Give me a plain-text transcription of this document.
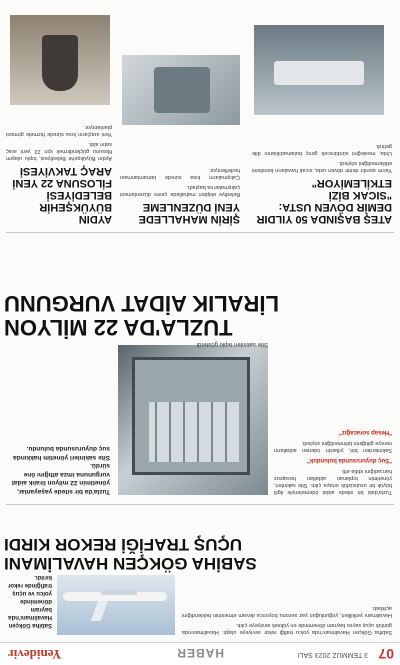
07
3 TEMMUZ 2023 SALI
HABER
Yenidevir

Sabiha Gökçen Havalimanı'nda yolcu trafiği rekor seviyeye ulaştı. Havalimanında günlük uçuş sayısı bayram döneminde en yüksek seviyeye çıktı.

Havalimanı yetkilileri, yoğunluğun yaz sezonu boyunca devam etmesinin beklendiğini açıkladı.

Sabiha Gökçen Havalimanı'nda bayram döneminde yolcu ve uçuş trafiğinde rekor kırıldı.

SABİHA GÖKÇEN HAVALİMANI

UÇUŞ TRAFİĞİ REKOR KIRDI

Tuzla'daki bir sitede aidat ödemeleriyle ilgili büyük bir usulsüzlük ortaya çıktı. Site sakinleri, yönetimin toplanan aidatları hesapsız harcadığını iddia etti.

"Suç duyurusunda bulunduk"

Sakinlerden biri, yıllardır ödenen aidatların nereye gittiğinin bilinmediğini söyledi.

"Hesap soracağız"

Site sakinleri tepki gösterdi

Tuzla'da bir sitede yaşayanlar, yönetimin 22 milyon liralık aidat vurgununa imza attığını öne sürdü.

Site sakinleri yönetim hakkında suç duyurusunda bulundu.

TUZLA'DA 22 MİLYON

LİRALIK AİDAT VURGUNU

ATEŞ BAŞINDA 50 YILDIR DEMİR DÖVEN USTA: "SICAK BİZİ ETKİLEMİYOR"

Yarım asırdır demir döven usta, sıcak havaların kendisini etkilemediğini söyledi.

Usta, mesleğini sürdürecek genç bulamadıklarını dile getirdi.

ŞİRİN MAHALLEDE YENİ DÜZENLEME

Belediye ekipleri mahallede çevre düzenlemesi çalışmalarına başladı.

Çalışmaların kısa sürede tamamlanması hedefleniyor.

AYDIN BÜYÜKŞEHİR BELEDİYESİ FİLOSUNA 22 YENİ ARAÇ TAKVİYESİ

Aydın Büyükşehir Belediyesi, toplu ulaşım filosunu güçlendirmek için 22 yeni araç satın aldı.

Yeni araçların kısa sürede hizmete girmesi planlanıyor.
